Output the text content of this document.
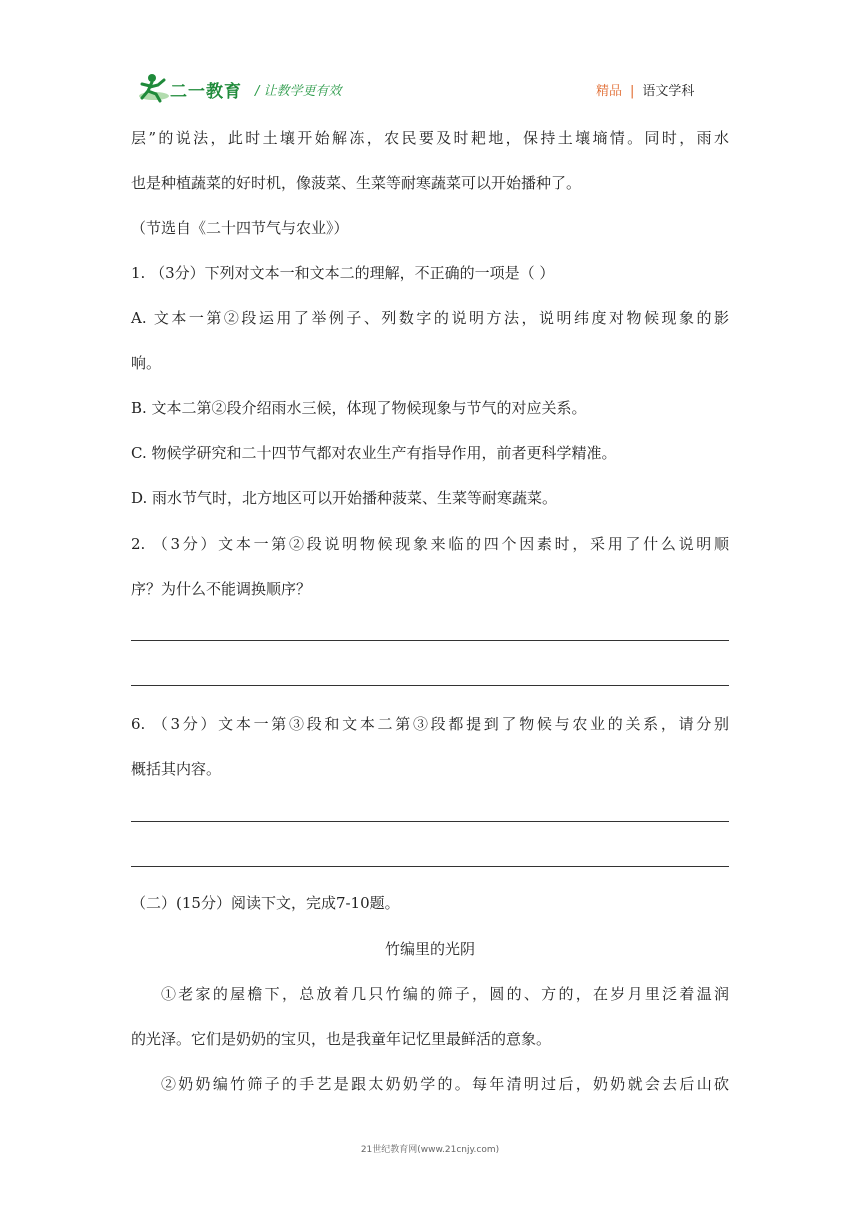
二一教育 / 让教学更有效	精品 | 语文学科
层”的说法，此时土壤开始解冻，农民要及时耙地，保持土壤墒情。同时，雨水
也是种植蔬菜的好时机，像菠菜、生菜等耐寒蔬菜可以开始播种了。
（节选自《二十四节气与农业》）
1. （3分）下列对文本一和文本二的理解，不正确的一项是（ ）
A. 文本一第②段运用了举例子、列数字的说明方法，说明纬度对物候现象的影
响。
B. 文本二第②段介绍雨水三候，体现了物候现象与节气的对应关系。
C. 物候学研究和二十四节气都对农业生产有指导作用，前者更科学精准。
D. 雨水节气时，北方地区可以开始播种菠菜、生菜等耐寒蔬菜。
2. （3分）文本一第②段说明物候现象来临的四个因素时，采用了什么说明顺
序？为什么不能调换顺序？
6. （3分）文本一第③段和文本二第③段都提到了物候与农业的关系，请分别
概括其内容。
（二）(15分）阅读下文，完成7-10题。
竹编里的光阴
①老家的屋檐下，总放着几只竹编的筛子，圆的、方的，在岁月里泛着温润
的光泽。它们是奶奶的宝贝，也是我童年记忆里最鲜活的意象。
②奶奶编竹筛子的手艺是跟太奶奶学的。每年清明过后，奶奶就会去后山砍
21世纪教育网(www.21cnjy.com)
